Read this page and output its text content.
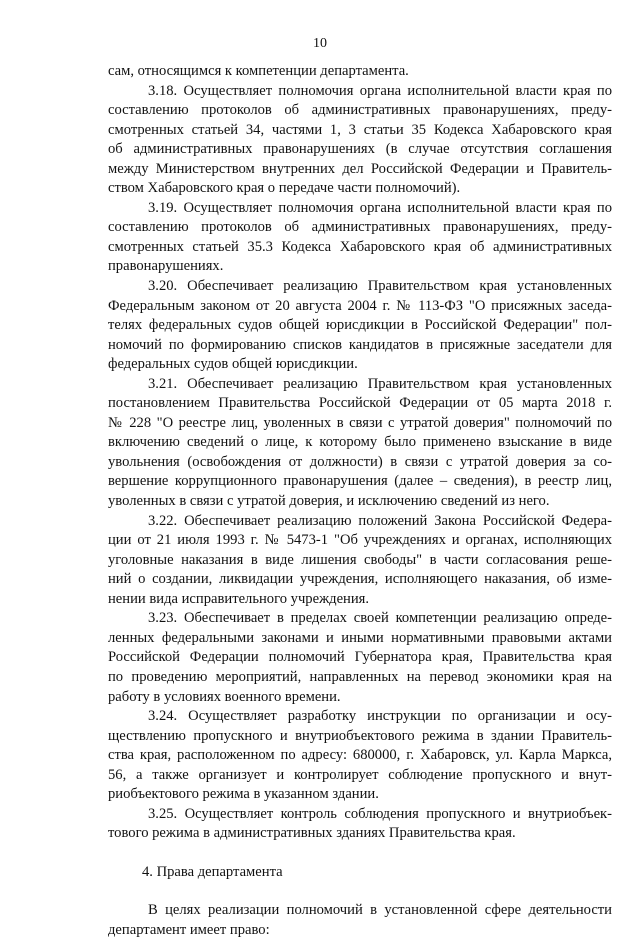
10
сам, относящимся к компетенции департамента.
3.18. Осуществляет полномочия органа исполнительной власти края по
составлению протоколов об административных правонарушениях, преду-
смотренных статьей 34, частями 1, 3 статьи 35 Кодекса Хабаровского края
об административных правонарушениях (в случае отсутствия соглашения
между Министерством внутренних дел Российской Федерации и Правитель-
ством Хабаровского края о передаче части полномочий).
3.19. Осуществляет полномочия органа исполнительной власти края по
составлению протоколов об административных правонарушениях, преду-
смотренных статьей 35.3 Кодекса Хабаровского края об административных
правонарушениях.
3.20. Обеспечивает реализацию Правительством края установленных
Федеральным законом от 20 августа 2004 г. № 113-ФЗ "О присяжных заседа-
телях федеральных судов общей юрисдикции в Российской Федерации" пол-
номочий по формированию списков кандидатов в присяжные заседатели для
федеральных судов общей юрисдикции.
3.21. Обеспечивает реализацию Правительством края установленных
постановлением Правительства Российской Федерации от 05 марта 2018 г.
№ 228 "О реестре лиц, уволенных в связи с утратой доверия" полномочий по
включению сведений о лице, к которому было применено взыскание в виде
увольнения (освобождения от должности) в связи с утратой доверия за со-
вершение коррупционного правонарушения (далее – сведения), в реестр лиц,
уволенных в связи с утратой доверия, и исключению сведений из него.
3.22. Обеспечивает реализацию положений Закона Российской Федера-
ции от 21 июля 1993 г. № 5473-1 "Об учреждениях и органах, исполняющих
уголовные наказания в виде лишения свободы" в части согласования реше-
ний о создании, ликвидации учреждения, исполняющего наказания, об изме-
нении вида исправительного учреждения.
3.23. Обеспечивает в пределах своей компетенции реализацию опреде-
ленных федеральными законами и иными нормативными правовыми актами
Российской Федерации полномочий Губернатора края, Правительства края
по проведению мероприятий, направленных на перевод экономики края на
работу в условиях военного времени.
3.24. Осуществляет разработку инструкции по организации и осу-
ществлению пропускного и внутриобъектового режима в здании Правитель-
ства края, расположенном по адресу: 680000, г. Хабаровск, ул. Карла Маркса,
56, а также организует и контролирует соблюдение пропускного и внут-
риобъектового режима в указанном здании.
3.25. Осуществляет контроль соблюдения пропускного и внутриобъек-
тового режима в административных зданиях Правительства края.
4. Права департамента
В целях реализации полномочий в установленной сфере деятельности
департамент имеет право:
